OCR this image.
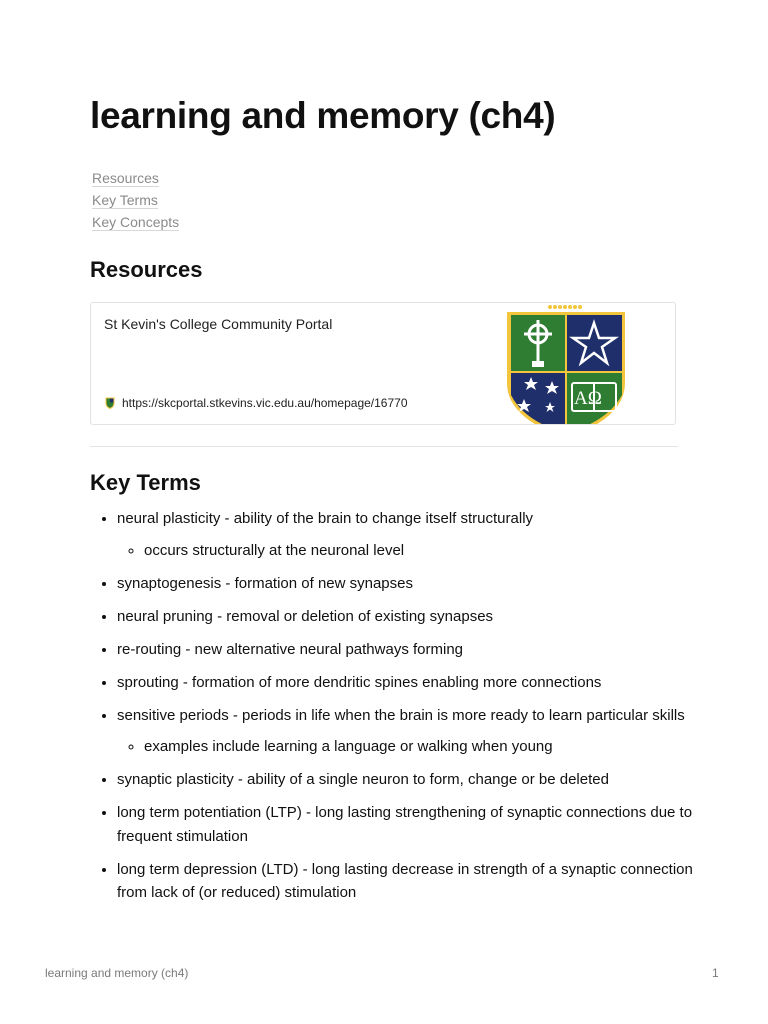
learning and memory (ch4)
Resources
Key Terms
Key Concepts
Resources
St Kevin's College Community Portal
https://skcportal.stkevins.vic.edu.au/homepage/16770	AΩ
Key Terms
• neural plasticity - ability of the brain to change itself structurally
◦ occurs structurally at the neuronal level
• synaptogenesis - formation of new synapses
• neural pruning - removal or deletion of existing synapses
• re-routing - new alternative neural pathways forming
• sprouting - formation of more dendritic spines enabling more connections
• sensitive periods - periods in life when the brain is more ready to learn particular skills
◦ examples include learning a language or walking when young
• synaptic plasticity - ability of a single neuron to form, change or be deleted
• long term potentiation (LTP) - long lasting strengthening of synaptic connections due to frequent stimulation
• long term depression (LTD) - long lasting decrease in strength of a synaptic connection from lack of (or reduced) stimulation
learning and memory (ch4)	1
